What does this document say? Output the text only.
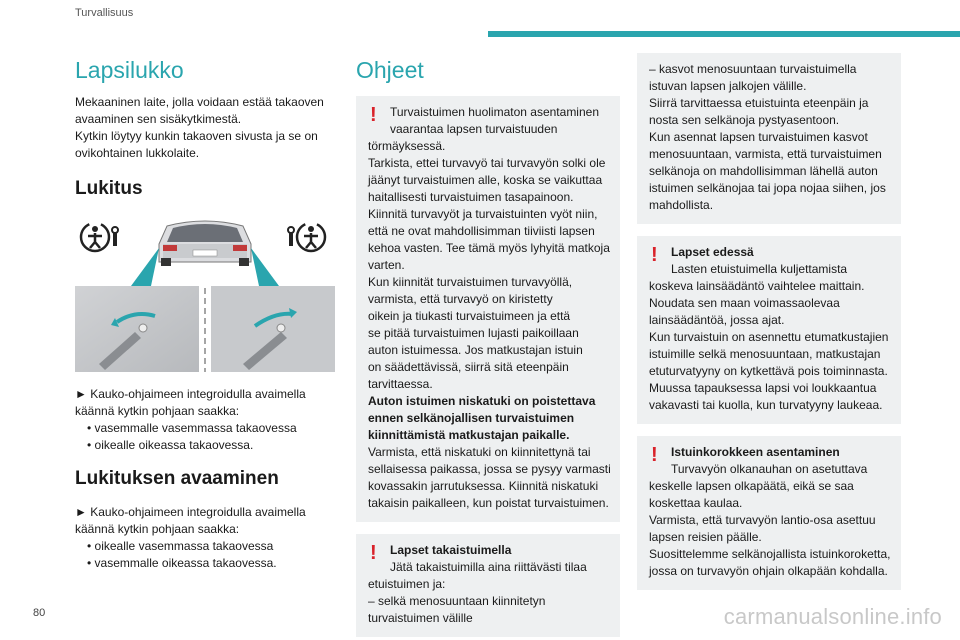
Turvallisuus
Lapsilukko
Mekaaninen laite, jolla voidaan estää takaoven
avaaminen sen sisäkytkimestä.
Kytkin löytyy kunkin takaoven sivusta ja se on
ovikohtainen lukkolaite.
Lukitus
► Kauko-ohjaimeen integroidulla avaimella
käännä kytkin pohjaan saakka:
• vasemmalle vasemmassa takaovessa
• oikealle oikeassa takaovessa.
Lukituksen avaaminen
► Kauko-ohjaimeen integroidulla avaimella
käännä kytkin pohjaan saakka:
• oikealle vasemmassa takaovessa
• vasemmalle oikeassa takaovessa.
Ohjeet
!	Turvaistuimen huolimaton asentaminen
vaarantaa lapsen turvaistuuden
törmäyksessä.
Tarkista, ettei turvavyö tai turvavyön solki ole
jäänyt turvaistuimen alle, koska se vaikuttaa
haitallisesti turvaistuimen tasapainoon.
Kiinnitä turvavyöt ja turvaistuinten vyöt niin,
että ne ovat mahdollisimman tiiviisti lapsen
kehoa vasten. Tee tämä myös lyhyitä matkoja
varten.
Kun kiinnität turvaistuimen turvavyöllä,
varmista, että turvavyö on kiristetty
oikein ja tiukasti turvaistuimeen ja että
se pitää turvaistuimen lujasti paikoillaan
auton istuimessa. Jos matkustajan istuin
on säädettävissä, siirrä sitä eteenpäin
tarvittaessa.
Auton istuimen niskatuki on poistettava
ennen selkänojallisen turvaistuimen
kiinnittämistä matkustajan paikalle.
Varmista, että niskatuki on kiinnitettynä tai
sellaisessa paikassa, jossa se pysyy varmasti
kovassakin jarrutuksessa. Kiinnitä niskatuki
takaisin paikalleen, kun poistat turvaistuimen.
!	Lapset takaistuimella
Jätä takaistuimilla aina riittävästi tilaa
etuistuimen ja:
– selkä menosuuntaan kiinnitetyn
turvaistuimen välille
– kasvot menosuuntaan turvaistuimella
istuvan lapsen jalkojen välille.
Siirrä tarvittaessa etuistuinta eteenpäin ja
nosta sen selkänoja pystyasentoon.
Kun asennat lapsen turvaistuimen kasvot
menosuuntaan, varmista, että turvaistuimen
selkänoja on mahdollisimman lähellä auton
istuimen selkänojaa tai jopa nojaa siihen, jos
mahdollista.
!	Lapset edessä
Lasten etuistuimella kuljettamista
koskeva lainsäädäntö vaihtelee maittain.
Noudata sen maan voimassaolevaa
lainsäädäntöä, jossa ajat.
Kun turvaistuin on asennettu etumatkustajien
istuimille selkä menosuuntaan, matkustajan
etuturvatyyny on kytkettävä pois toiminnasta.
Muussa tapauksessa lapsi voi loukkaantua
vakavasti tai kuolla, kun turvatyyny laukeaa.
!	Istuinkorokkeen asentaminen
Turvavyön olkanauhan on asetuttava
keskelle lapsen olkapäätä, eikä se saa
koskettaa kaulaa.
Varmista, että turvavyön lantio-osa asettuu
lapsen reisien päälle.
Suosittelemme selkänojallista istuinkoroketta,
jossa on turvavyön ohjain olkapään kohdalla.
80	carmanualsonline.info
